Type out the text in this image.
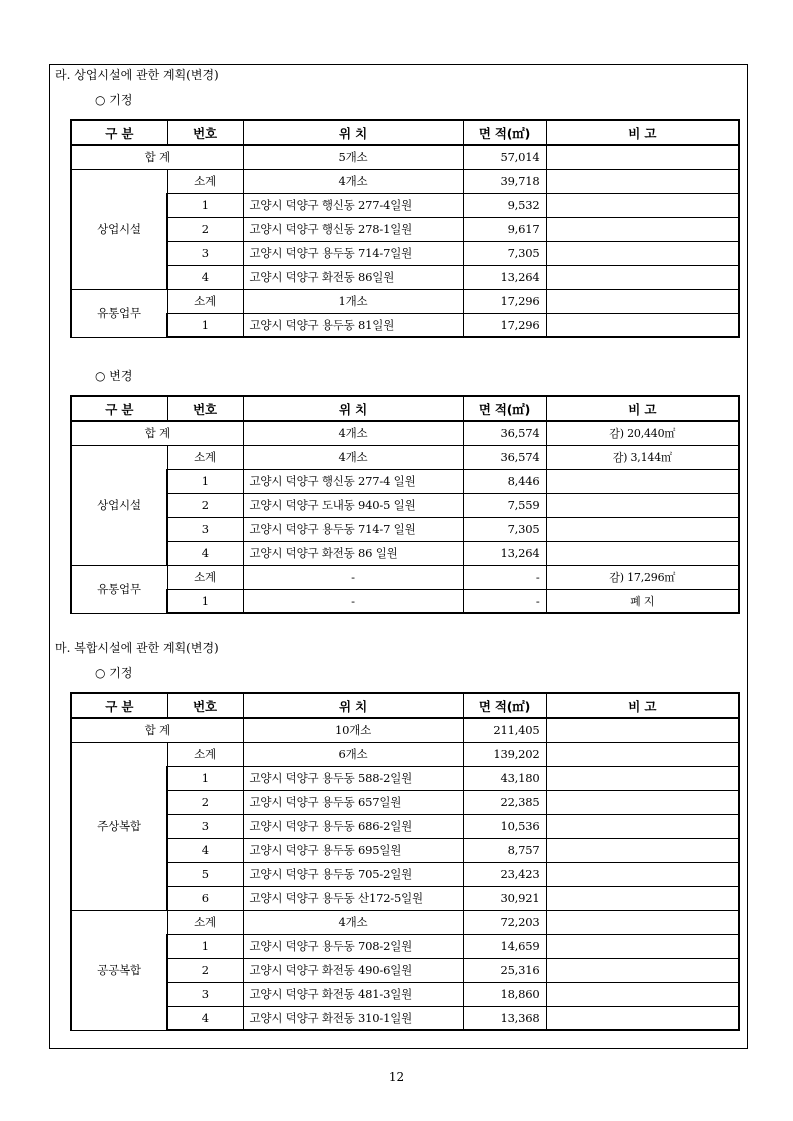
라. 상업시설에 관한 계획(변경)
○ 기정
구 분	번호	위 치	면 적(㎡)	비 고
합 계		5개소	57,014	
상업시설	소계	4개소	39,718	
	1	고양시 덕양구 행신동 277-4일원	9,532	
	2	고양시 덕양구 행신동 278-1일원	9,617	
	3	고양시 덕양구 용두동 714-7일원	7,305	
	4	고양시 덕양구 화전동 86일원	13,264	
유통업무	소계	1개소	17,296	
	1	고양시 덕양구 용두동 81일원	17,296	
○ 변경
구 분	번호	위 치	면 적(㎡)	비 고
합 계		4개소	36,574	감) 20,440㎡
상업시설	소계	4개소	36,574	감) 3,144㎡
	1	고양시 덕양구 행신동 277-4 일원	8,446	
	2	고양시 덕양구 도내동 940-5 일원	7,559	
	3	고양시 덕양구 용두동 714-7 일원	7,305	
	4	고양시 덕양구 화전동 86 일원	13,264	
유통업무	소계	-	-	감) 17,296㎡
	1	-	-	폐 지
마. 복합시설에 관한 계획(변경)
○ 기정
구 분	번호	위 치	면 적(㎡)	비 고
합 계		10개소	211,405	
주상복합	소계	6개소	139,202	
	1	고양시 덕양구 용두동 588-2일원	43,180	
	2	고양시 덕양구 용두동 657일원	22,385	
	3	고양시 덕양구 용두동 686-2일원	10,536	
	4	고양시 덕양구 용두동 695일원	8,757	
	5	고양시 덕양구 용두동 705-2일원	23,423	
	6	고양시 덕양구 용두동 산172-5일원	30,921	
공공복합	소계	4개소	72,203	
	1	고양시 덕양구 용두동 708-2일원	14,659	
	2	고양시 덕양구 화전동 490-6일원	25,316	
	3	고양시 덕양구 화전동 481-3일원	18,860	
	4	고양시 덕양구 화전동 310-1일원	13,368	
12
